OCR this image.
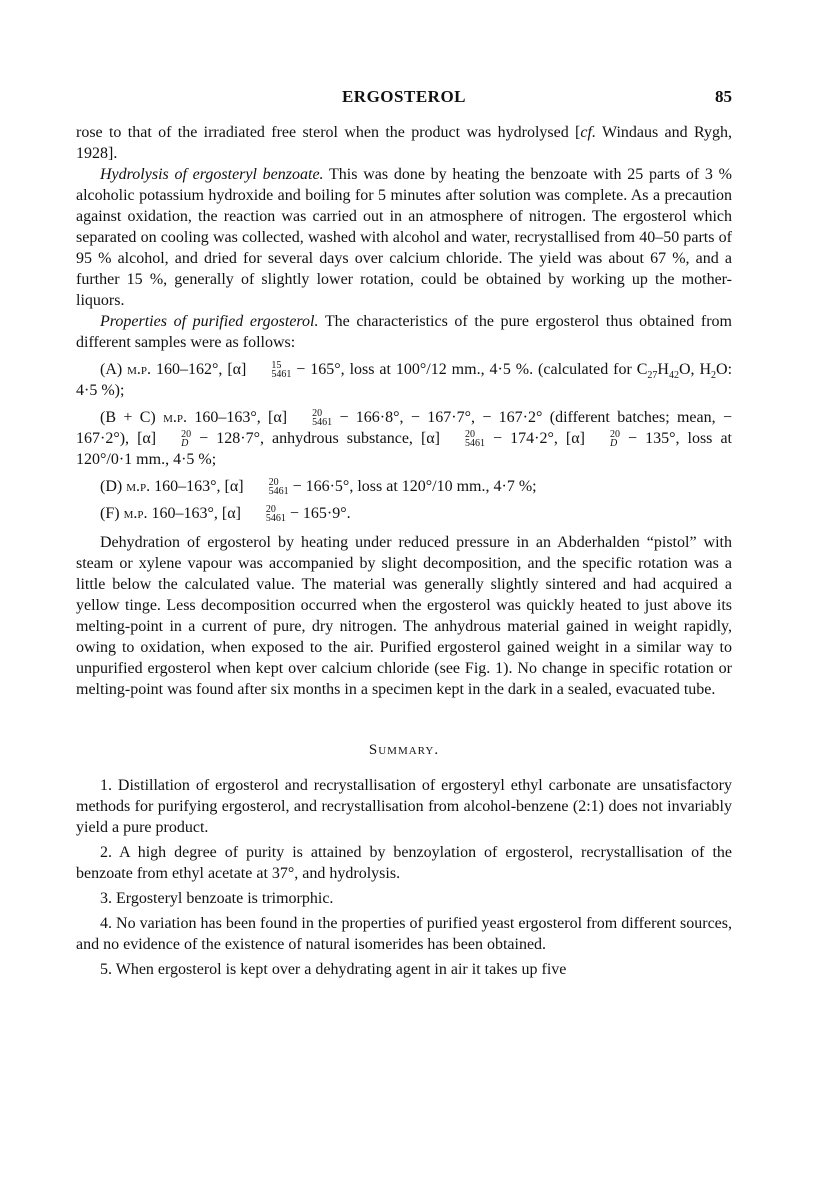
ERGOSTEROL	85

rose to that of the irradiated free sterol when the product was hydrolysed [cf. Windaus and Rygh, 1928].

Hydrolysis of ergosteryl benzoate. This was done by heating the benzoate with 25 parts of 3 % alcoholic potassium hydroxide and boiling for 5 minutes after solution was complete. As a precaution against oxidation, the reaction was carried out in an atmosphere of nitrogen. The ergosterol which separated on cooling was collected, washed with alcohol and water, recrystallised from 40–50 parts of 95 % alcohol, and dried for several days over calcium chloride. The yield was about 67 %, and a further 15 %, generally of slightly lower rotation, could be obtained by working up the mother-liquors.

Properties of purified ergosterol. The characteristics of the pure ergosterol thus obtained from different samples were as follows:

(A) m.p. 160–162°, [α]	15
5461 − 165°, loss at 100°/12 mm., 4·5 %. (calculated for $C_{27}H_{42}O$, $H_2O$: 4·5 %);

(B + C) m.p. 160–163°, [α]	20
5461 − 166·8°, − 167·7°, − 167·2° (different batches; mean, − 167·2°), [α]	20
D − 128·7°, anhydrous substance, [α]	20
5461 − 174·2°, [α]	20
D − 135°, loss at 120°/0·1 mm., 4·5 %;

(D) m.p. 160–163°, [α]	20
5461 − 166·5°, loss at 120°/10 mm., 4·7 %;

(F) m.p. 160–163°, [α]	20
5461 − 165·9°.

Dehydration of ergosterol by heating under reduced pressure in an Abderhalden “pistol” with steam or xylene vapour was accompanied by slight decomposition, and the specific rotation was a little below the calculated value. The material was generally slightly sintered and had acquired a yellow tinge. Less decomposition occurred when the ergosterol was quickly heated to just above its melting-point in a current of pure, dry nitrogen. The anhydrous material gained in weight rapidly, owing to oxidation, when exposed to the air. Purified ergosterol gained weight in a similar way to unpurified ergosterol when kept over calcium chloride (see Fig. 1). No change in specific rotation or melting-point was found after six months in a specimen kept in the dark in a sealed, evacuated tube.

Summary.

1. Distillation of ergosterol and recrystallisation of ergosteryl ethyl carbonate are unsatisfactory methods for purifying ergosterol, and recrystallisation from alcohol-benzene (2:1) does not invariably yield a pure product.

2. A high degree of purity is attained by benzoylation of ergosterol, recrystallisation of the benzoate from ethyl acetate at 37°, and hydrolysis.

3. Ergosteryl benzoate is trimorphic.

4. No variation has been found in the properties of purified yeast ergosterol from different sources, and no evidence of the existence of natural isomerides has been obtained.

5. When ergosterol is kept over a dehydrating agent in air it takes up five
